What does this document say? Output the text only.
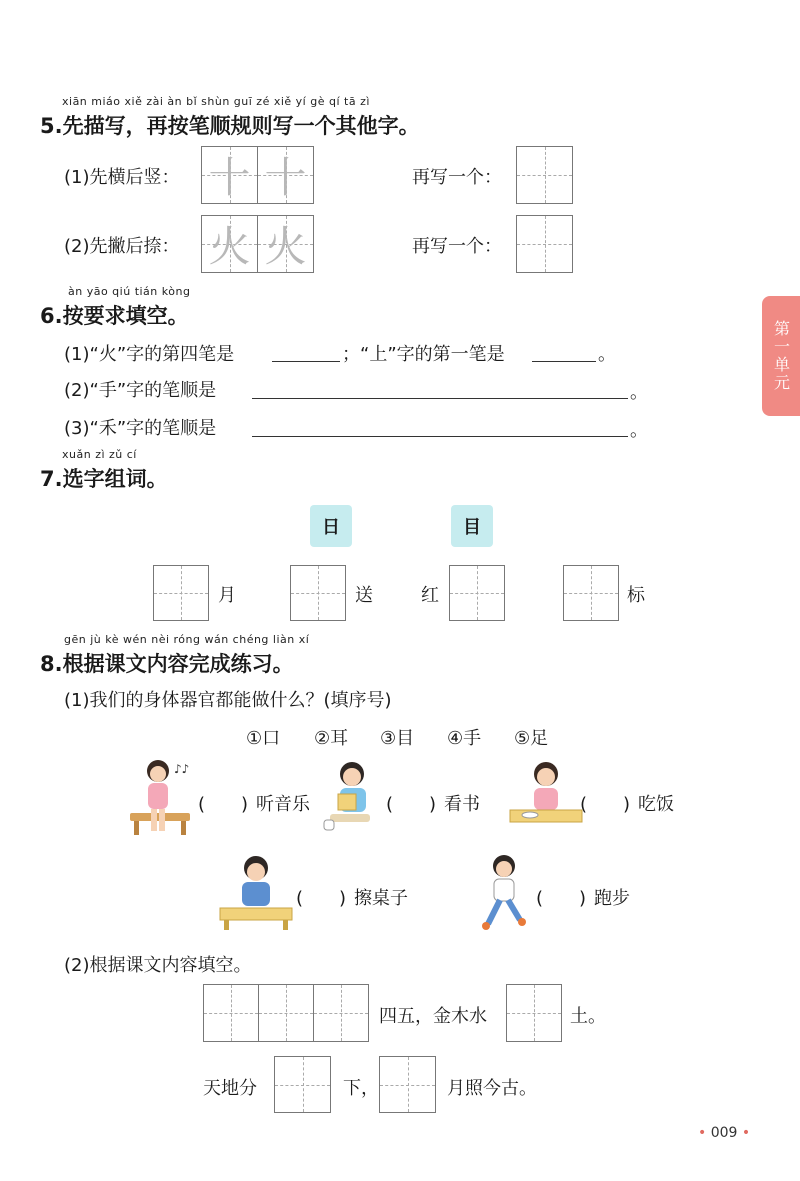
第一单元
xiān miáo xiě zài àn bǐ shùn guī zé xiě yí gè qí tā zì
5.先描写，再按笔顺规则写一个其他字。
(1)先横后竖： 十 十	再写一个：
(2)先撇后捺： 火 火	再写一个：
àn yāo qiú tián kòng
6.按要求填空。
(1)“火”字的第四笔是	；“上”字的第一笔是	。
(2)“手”字的笔顺是	。
(3)“禾”字的笔顺是	。
xuǎn zì zǔ cí
7.选字组词。
日	目
月	送	红	标
gēn jù kè wén nèi róng wán chéng liàn xí
8.根据课文内容完成练习。
(1)我们的身体器官都能做什么？(填序号)
①口 ②耳 ③目 ④手 ⑤足
♪♪
(　　) 听音乐	(　　) 看书	(　　) 吃饭
(　　) 擦桌子	(　　) 跑步
(2)根据课文内容填空。
四五，金木水	土。
天地分	下，	月照今古。
• 009 •
